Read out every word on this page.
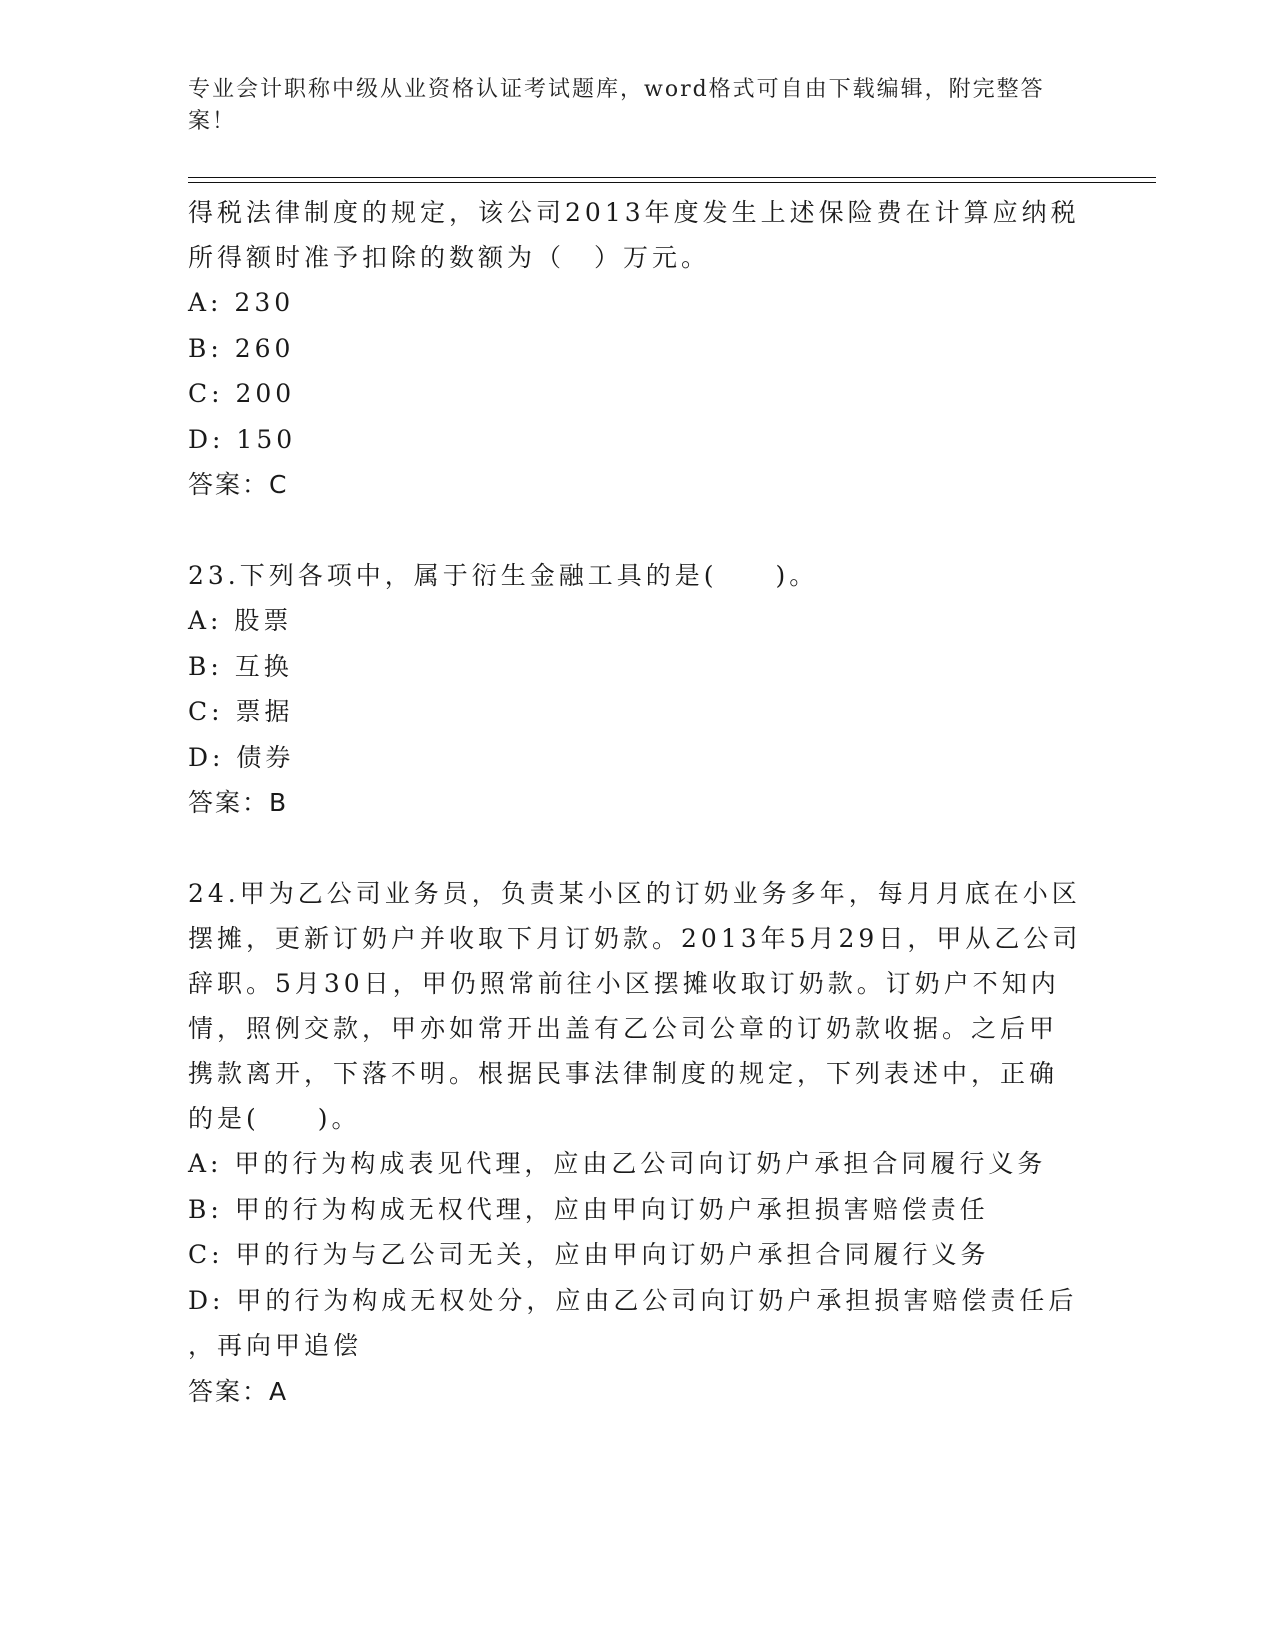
专业会计职称中级从业资格认证考试题库，word格式可自由下载编辑，附完整答案！

得税法律制度的规定，该公司2013年度发生上述保险费在计算应纳税

所得额时准予扣除的数额为（　）万元。

A: 230

B: 260

C: 200

D: 150

答案：C

23.下列各项中，属于衍生金融工具的是(　　)。

A: 股票

B: 互换

C: 票据

D: 债券

答案：B

24.甲为乙公司业务员，负责某小区的订奶业务多年，每月月底在小区

摆摊，更新订奶户并收取下月订奶款。2013年5月29日，甲从乙公司

辞职。5月30日，甲仍照常前往小区摆摊收取订奶款。订奶户不知内

情，照例交款，甲亦如常开出盖有乙公司公章的订奶款收据。之后甲

携款离开，下落不明。根据民事法律制度的规定，下列表述中，正确

的是(　　)。

A: 甲的行为构成表见代理，应由乙公司向订奶户承担合同履行义务

B: 甲的行为构成无权代理，应由甲向订奶户承担损害赔偿责任

C: 甲的行为与乙公司无关，应由甲向订奶户承担合同履行义务

D: 甲的行为构成无权处分，应由乙公司向订奶户承担损害赔偿责任后

，再向甲追偿

答案：A
